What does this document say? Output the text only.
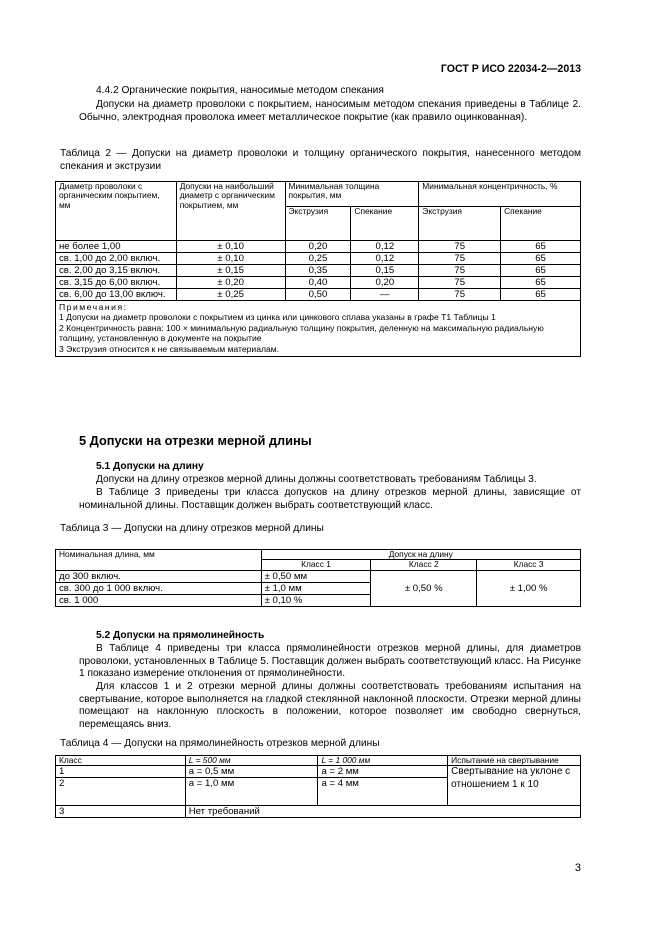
ГОСТ Р ИСО 22034-2—2013
4.4.2 Органические покрытия, наносимые методом спекания
Допуски на диаметр проволоки с покрытием, наносимым методом спекания приведены в Таблице 2. Обычно, электродная проволока имеет металлическое покрытие (как правило оцинкованная).
Таблица 2 — Допуски на диаметр проволоки и толщину органического покрытия, нанесенного методом спекания и экструзии
Диаметр проволоки с органическим покрытием, мм	Допуски на наибольший диаметр с органическим покрытием, мм	Минимальная толщина покрытия, мм		Минимальная концентричность, %	
		Экструзия	Спекание	Экструзия	Спекание
не более 1,00	± 0,10	0,20	0,12	75	65
св. 1,00 до 2,00 включ.	± 0,10	0,25	0,12	75	65
св. 2,00 до 3,15 включ.	± 0,15	0,35	0,15	75	65
св. 3,15 до 6,00 включ.	± 0,20	0,40	0,20	75	65
св. 6,00 до 13,00 включ.	± 0,25	0,50	—	75	65

Примечания:
1 Допуски на диаметр проволоки с покрытием из цинка или цинкового сплава указаны в графе Т1 Таблицы 1
2 Концентричность равна: 100 × минимальную радиальную толщину покрытия, деленную на максимальную радиальную толщину, установленную в документе на покрытие
3 Экструзия относится к не связываемым материалам.					
5 Допуски на отрезки мерной длины
5.1 Допуски на длину
Допуски на длину отрезков мерной длины должны соответствовать требованиям Таблицы 3.
В Таблице 3 приведены три класса допусков на длину отрезков мерной длины, зависящие от номинальной длины. Поставщик должен выбрать соответствующий класс.
Таблица 3 — Допуски на длину отрезков мерной длины
Номинальная длина, мм	Допуск на длину		
	Класс 1	Класс 2	Класс 3
до 300 включ.	± 0,50 мм	± 0,50 %	± 1,00 %
св. 300 до 1 000 включ.	± 1,0 мм		
св. 1 000	± 0,10 %		
5.2 Допуски на прямолинейность
В Таблице 4 приведены три класса прямолинейности отрезков мерной длины, для диаметров проволоки, установленных в Таблице 5. Поставщик должен выбрать соответствующий класс. На Рисунке 1 показано измерение отклонения от прямолинейности.
Для классов 1 и 2 отрезки мерной длины должны соответствовать требованиям испытания на свертывание, которое выполняется на гладкой стеклянной наклонной плоскости. Отрезки мерной длины помещают на наклонную плоскость в положении, которое позволяет им свободно свернуться, перемещаясь вниз.
Таблица 4 — Допуски на прямолинейность отрезков мерной длины
Класс	L = 500 мм	L = 1 000 мм	Испытание на свертывание
1	a = 0,5 мм	a = 2 мм	Свертывание на уклоне с отношением 1 к 10
2	a = 1,0 мм	a = 4 мм	
3	Нет требований		
3
